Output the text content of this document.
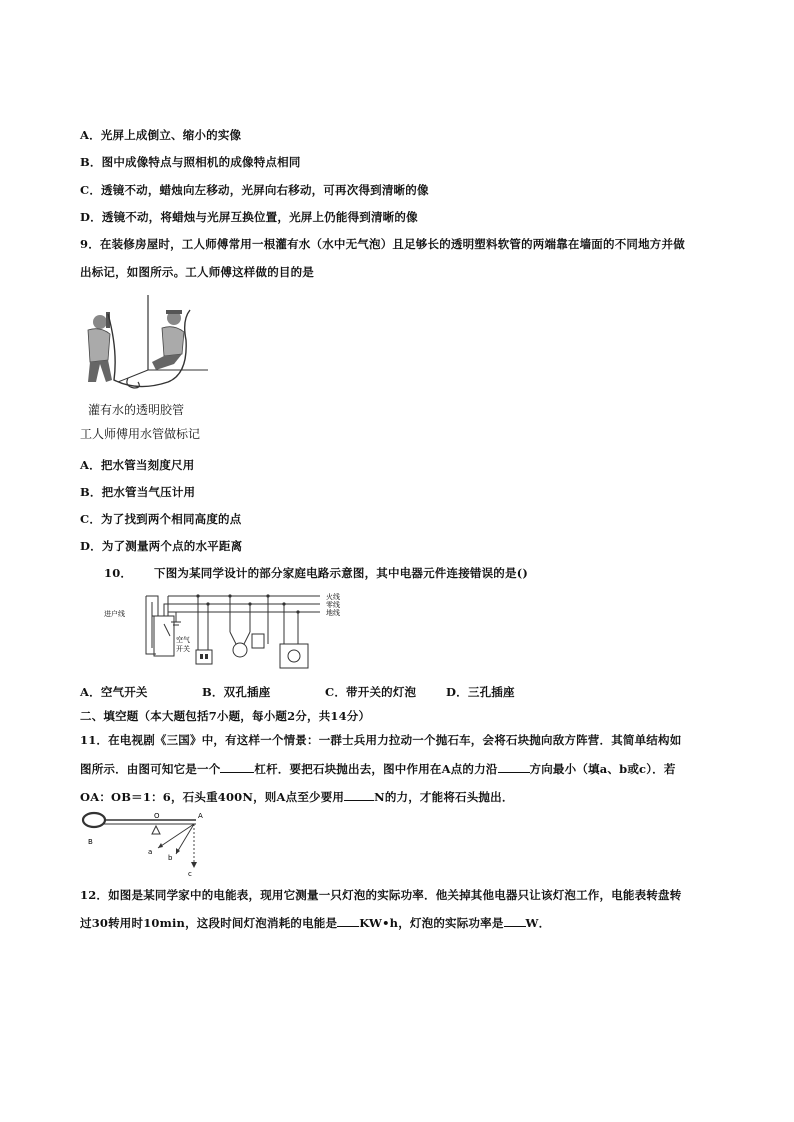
A．光屏上成倒立、缩小的实像
B．图中成像特点与照相机的成像特点相同
C．透镜不动，蜡烛向左移动，光屏向右移动，可再次得到清晰的像
D．透镜不动，将蜡烛与光屏互换位置，光屏上仍能得到清晰的像
9．在装修房屋时，工人师傅常用一根灌有水（水中无气泡）且足够长的透明塑料软管的两端靠在墙面的不同地方并做
出标记，如图所示。工人师傅这样做的目的是
灌有水的透明胶管
工人师傅用水管做标记
A．把水管当刻度尺用
B．把水管当气压计用
C．为了找到两个相同高度的点
D．为了测量两个点的水平距离
10． 下图为某同学设计的部分家庭电路示意图，其中电器元件连接错误的是()
进户线
火线
零线
地线
空气
开关
A．空气开关	B．双孔插座	C．带开关的灯泡	D．三孔插座
二、填空题（本大题包括7小题，每小题2分，共14分）
11．在电视剧《三国》中，有这样一个情景：一群士兵用力拉动一个抛石车，会将石块抛向敌方阵营．其简单结构如
图所示．由图可知它是一个	杠杆．要把石块抛出去，图中作用在A点的力沿	方向最小（填a、b或c）．若
OA：OB＝1：6，石头重400N，则A点至少要用	N的力，才能将石头抛出．
O	A
B
a
b
c
12．如图是某同学家中的电能表，现用它测量一只灯泡的实际功率．他关掉其他电器只让该灯泡工作，电能表转盘转
过30转用时10min，这段时间灯泡消耗的电能是 KW•h，灯泡的实际功率是 W．
